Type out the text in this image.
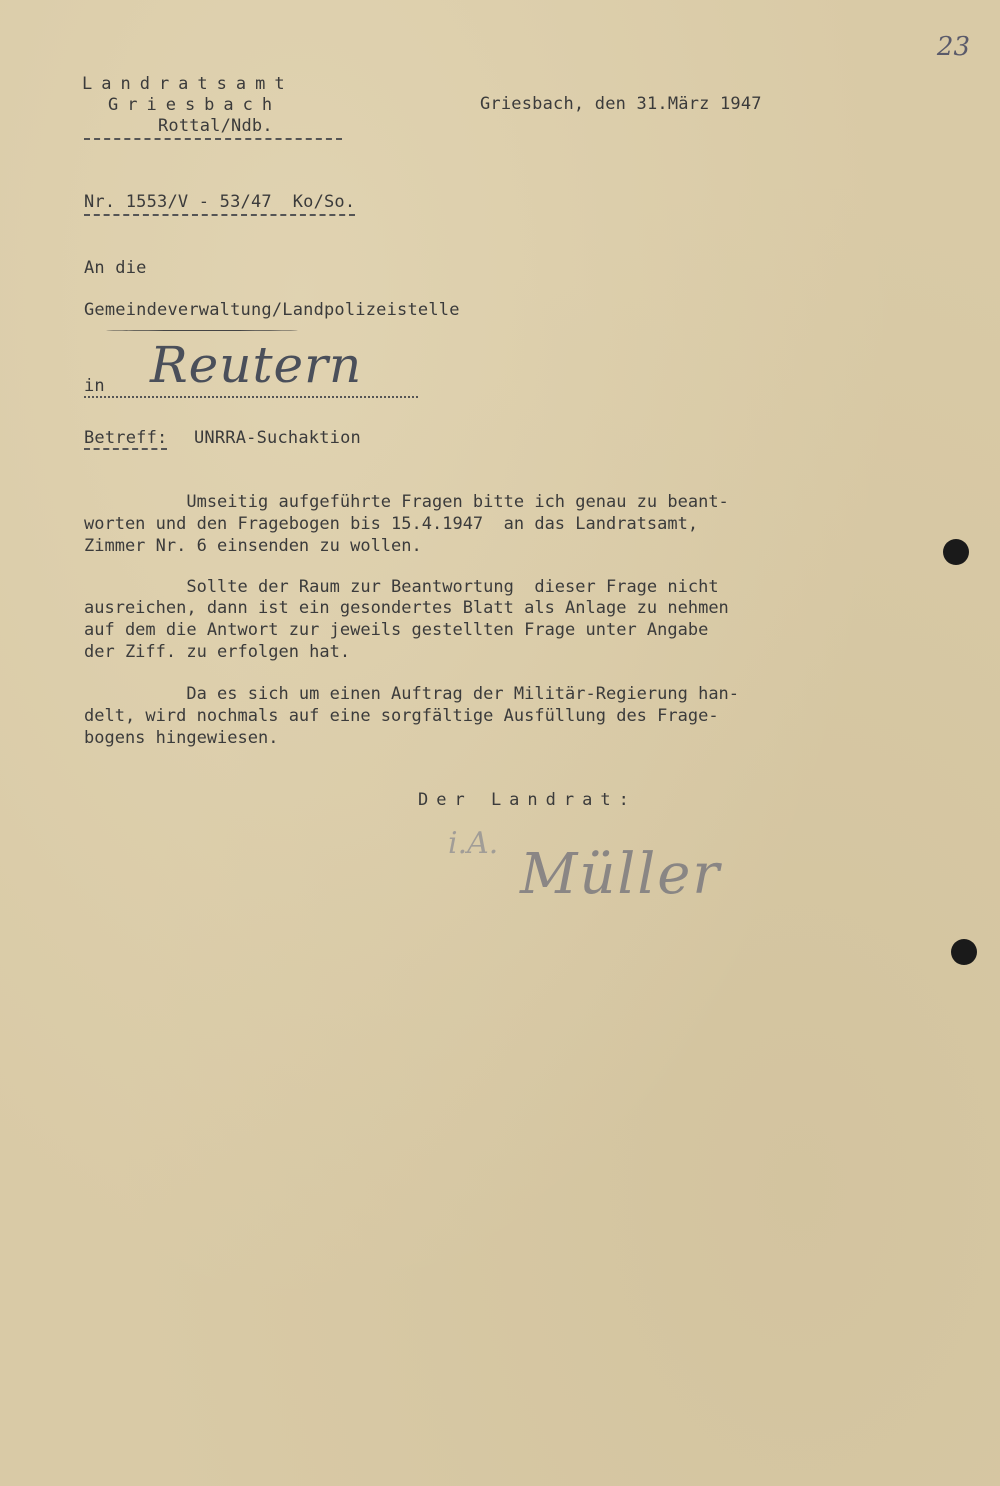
23
Landratsamt
Griesbach
Rottal/Ndb.
Griesbach, den 31.März 1947
Nr. 1553/V - 53/47  Ko/So.
An die
Gemeindeverwaltung/Landpolizeistelle
in Reutern
Betreff: UNRRA-Suchaktion
Umseitig aufgeführte Fragen bitte ich genau zu beant-
worten und den Fragebogen bis 15.4.1947  an das Landratsamt,
Zimmer Nr. 6 einsenden zu wollen.
Sollte der Raum zur Beantwortung  dieser Frage nicht
ausreichen, dann ist ein gesondertes Blatt als Anlage zu nehmen
auf dem die Antwort zur jeweils gestellten Frage unter Angabe
der Ziff. zu erfolgen hat.
Da es sich um einen Auftrag der Militär-Regierung han-
delt, wird nochmals auf eine sorgfältige Ausfüllung des Frage-
bogens hingewiesen.
Der Landrat:
i.A. Müller
